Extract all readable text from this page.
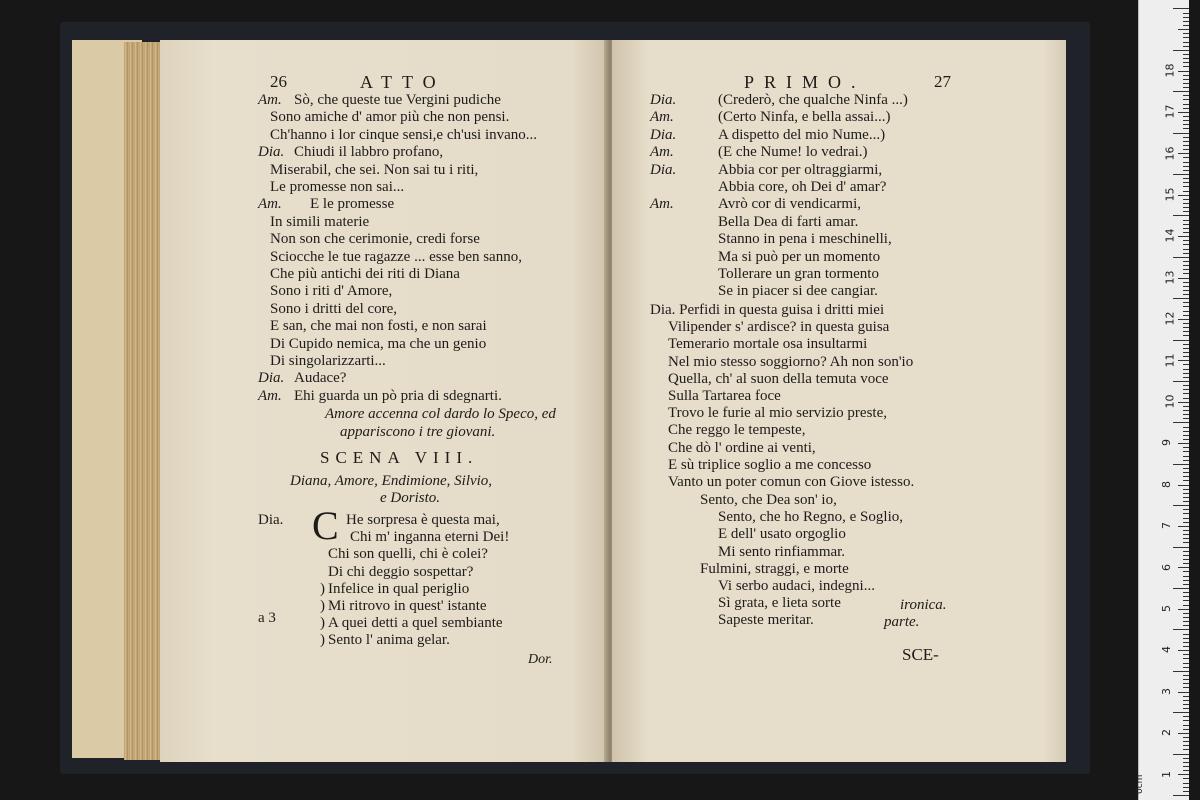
26	ATTO
Am. Sò, che queste tue Vergini pudiche
Sono amiche d' amor più che non pensi.
Ch'hanno i lor cinque sensi,e ch'usi invano...
Dia. Chiudi il labbro profano,
Miserabil, che sei. Non sai tu i riti,
Le promesse non sai...
Am. E le promesse
In simili materie
Non son che cerimonie, credi forse
Sciocche le tue ragazze ... esse ben sanno,
Che più antichi dei riti di Diana
Sono i riti d' Amore,
Sono i dritti del core,
E san, che mai non fosti, e non sarai
Di Cupido nemica, ma che un genio
Di singolarizzarti...
Dia. Audace?
Am. Ehi guarda un pò pria di sdegnarti.
Amore accenna col dardo lo Speco, ed
appariscono i tre giovani.
SCENA VIII.
Diana, Amore, Endimione, Silvio,
e Doristo.
Dia. C He sorpresa è questa mai,
Chi m' inganna eterni Dei!
Chi son quelli, chi è colei?
Di chi deggio sospettar?
) Infelice in qual periglio
) Mi ritrovo in quest' istante
) A quei detti a quel sembiante
) Sento l' anima gelar.
a 3
Dor.
PRIMO.	27
Dia.	(Crederò, che qualche Ninfa ...)
Am.	(Certo Ninfa, e bella assai...)
Dia.	A dispetto del mio Nume...)
Am.	(E che Nume! lo vedrai.)
Dia.	Abbia cor per oltraggiarmi,
Abbia core, oh Dei d' amar?
Am.	Avrò cor di vendicarmi,
Bella Dea di farti amar.
Stanno in pena i meschinelli,
Ma si può per un momento
Tollerare un gran tormento
Se in piacer si dee cangiar.
Dia. Perfidi in questa guisa i dritti miei
Vilipender s' ardisce? in questa guisa
Temerario mortale osa insultarmi
Nel mio stesso soggiorno? Ah non son'io
Quella, ch' al suon della temuta voce
Sulla Tartarea foce
Trovo le furie al mio servizio preste,
Che reggo le tempeste,
Che dò l' ordine ai venti,
E sù triplice soglio a me concesso
Vanto un poter comun con Giove istesso.
Sento, che Dea son' io,
Sento, che ho Regno, e Soglio,
E dell' usato orgoglio
Mi sento rinfiammar.
Fulmini, straggi, e morte
Vi serbo audaci, indegni...
Sì grata, e lieta sorte
Sapeste meritar.
ironica.
parte.
SCE-
18
17
16
15
14
13
12
11
10
9
8
7
6
5
4
3
2
1
0cm
